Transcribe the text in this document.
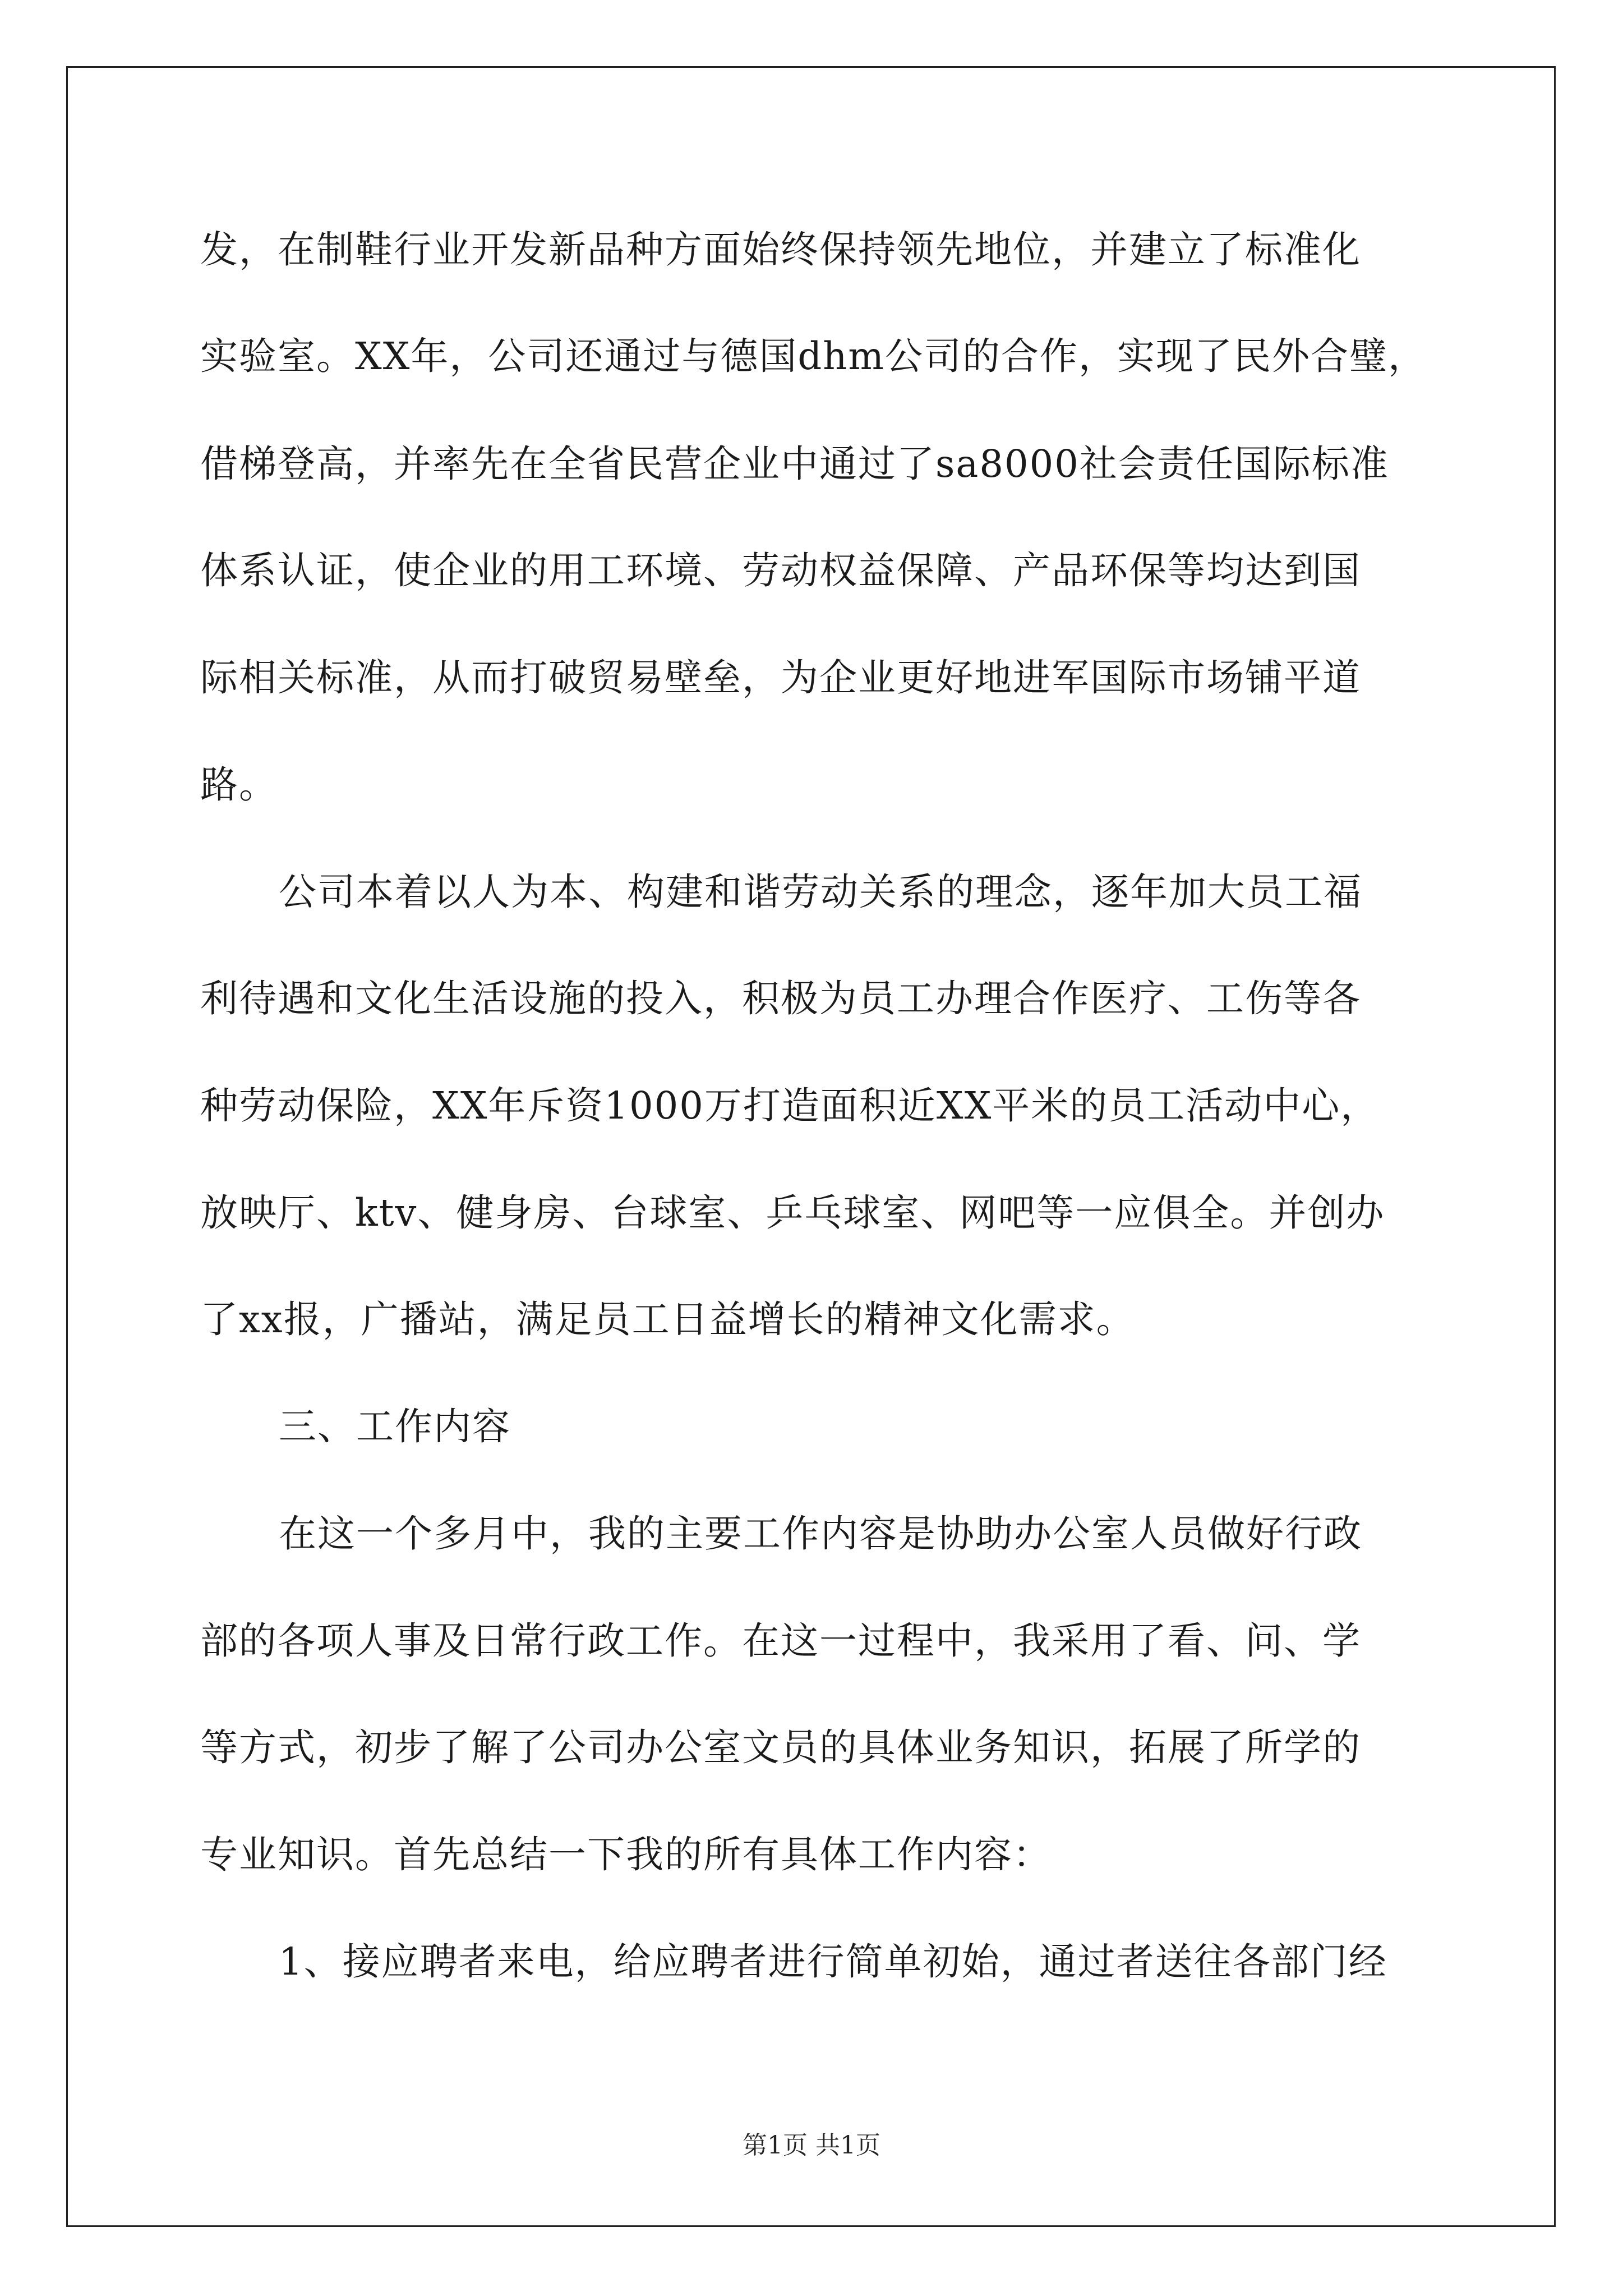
发，在制鞋行业开发新品种方面始终保持领先地位，并建立了标准化
实验室。XX年，公司还通过与德国dhm公司的合作，实现了民外合璧，
借梯登高，并率先在全省民营企业中通过了sa8000社会责任国际标准
体系认证，使企业的用工环境、劳动权益保障、产品环保等均达到国
际相关标准，从而打破贸易壁垒，为企业更好地进军国际市场铺平道
路。
公司本着以人为本、构建和谐劳动关系的理念，逐年加大员工福
利待遇和文化生活设施的投入，积极为员工办理合作医疗、工伤等各
种劳动保险，XX年斥资1000万打造面积近XX平米的员工活动中心，
放映厅、ktv、健身房、台球室、乒乓球室、网吧等一应俱全。并创办
了xx报，广播站，满足员工日益增长的精神文化需求。
三、工作内容
在这一个多月中，我的主要工作内容是协助办公室人员做好行政
部的各项人事及日常行政工作。在这一过程中，我采用了看、问、学
等方式，初步了解了公司办公室文员的具体业务知识，拓展了所学的
专业知识。首先总结一下我的所有具体工作内容：
1、接应聘者来电，给应聘者进行简单初始，通过者送往各部门经
第1页 共1页
